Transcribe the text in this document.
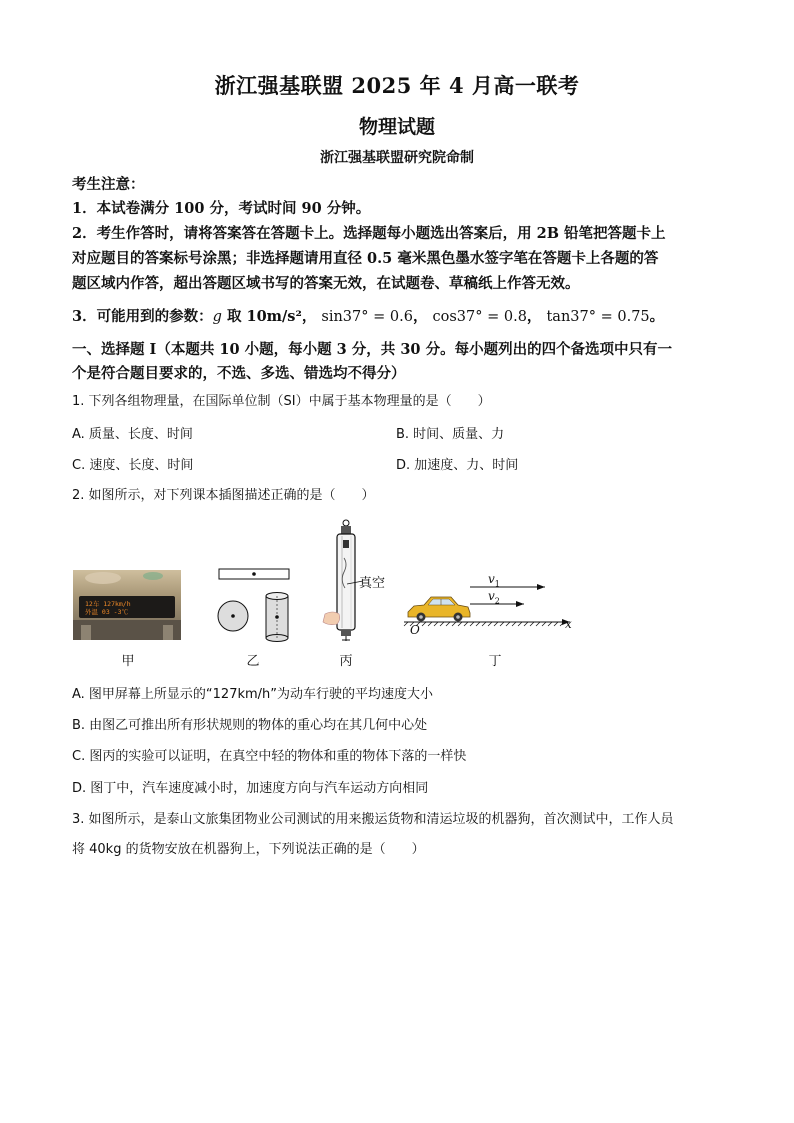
浙江强基联盟 2025 年 4 月高一联考
物理试题
浙江强基联盟研究院命制
考生注意：
1．本试卷满分 100 分，考试时间 90 分钟。
2．考生作答时，请将答案答在答题卡上。选择题每小题选出答案后，用 2B 铅笔把答题卡上
对应题目的答案标号涂黑；非选择题请用直径 0.5 毫米黑色墨水签字笔在答题卡上各题的答
题区域内作答，超出答题区域书写的答案无效，在试题卷、草稿纸上作答无效。
3．可能用到的参数：g 取 10m/s²， sin37° = 0.6， cos37° = 0.8， tan37° = 0.75。
一、选择题 I（本题共 10 小题，每小题 3 分，共 30 分。每小题列出的四个备选项中只有一
个是符合题目要求的，不选、多选、错选均不得分）
1. 下列各组物理量，在国际单位制（SI）中属于基本物理量的是（　　）
A. 质量、长度、时间	B. 时间、质量、力
C. 速度、长度、时间	D. 加速度、力、时间
2. 如图所示，对下列课本插图描述正确的是（　　）
12车 127km/h
外温 03 -3℃
真空	$v_1$
$v_2$
O	x
甲	乙	丙	丁
A. 图甲屏幕上所显示的“127km/h”为动车行驶的平均速度大小
B. 由图乙可推出所有形状规则的物体的重心均在其几何中心处
C. 图丙的实验可以证明，在真空中轻的物体和重的物体下落的一样快
D. 图丁中，汽车速度减小时，加速度方向与汽车运动方向相同
3. 如图所示，是泰山文旅集团物业公司测试的用来搬运货物和清运垃圾的机器狗，首次测试中，工作人员
将 40kg 的货物安放在机器狗上，下列说法正确的是（　　）
